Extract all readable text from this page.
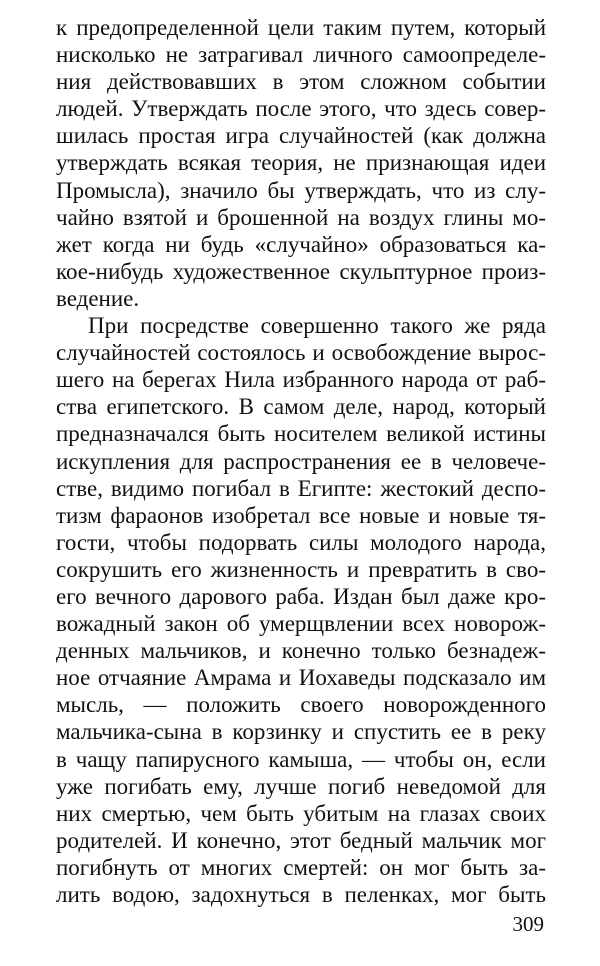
к предопределенной цели таким путем, который
нисколько не затрагивал личного самоопределе-
ния действовавших в этом сложном событии
людей. Утверждать после этого, что здесь совер-
шилась простая игра случайностей (как должна
утверждать всякая теория, не признающая идеи
Промысла), значило бы утверждать, что из слу-
чайно взятой и брошенной на воздух глины мо-
жет когда ни будь «случайно» образоваться ка-
кое-нибудь художественное скульптурное произ-
ведение.
При посредстве совершенно такого же ряда
случайностей состоялось и освобождение вырос-
шего на берегах Нила избранного народа от раб-
ства египетского. В самом деле, народ, который
предназначался быть носителем великой истины
искупления для распространения ее в человече-
стве, видимо погибал в Египте: жестокий деспо-
тизм фараонов изобретал все новые и новые тя-
гости, чтобы подорвать силы молодого народа,
сокрушить его жизненность и превратить в сво-
его вечного дарового раба. Издан был даже кро-
вожадный закон об умерщвлении всех новорож-
денных мальчиков, и конечно только безнадеж-
ное отчаяние Амрама и Иохаведы подсказало им
мысль, — положить своего новорожденного
мальчика-сына в корзинку и спустить ее в реку
в чащу папирусного камыша, — чтобы он, если
уже погибать ему, лучше погиб неведомой для
них смертью, чем быть убитым на глазах своих
родителей. И конечно, этот бедный мальчик мог
погибнуть от многих смертей: он мог быть за-
лить водою, задохнуться в пеленках, мог быть
309
